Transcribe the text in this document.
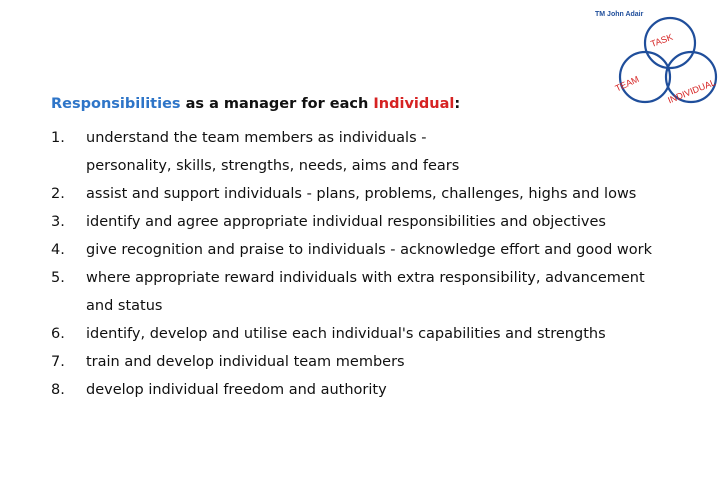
TM John Adair
TASK
TEAM	INDIVIDUAL
Responsibilities as a manager for each Individual:
1.	understand the team members as individuals -
personality, skills, strengths, needs, aims and fears
2.	assist and support individuals - plans, problems, challenges, highs and lows
3.	identify and agree appropriate individual responsibilities and objectives
4.	give recognition and praise to individuals - acknowledge effort and good work
5.	where appropriate reward individuals with extra responsibility, advancement
and status
6.	identify, develop and utilise each individual's capabilities and strengths
7.	train and develop individual team members
8.	develop individual freedom and authority
